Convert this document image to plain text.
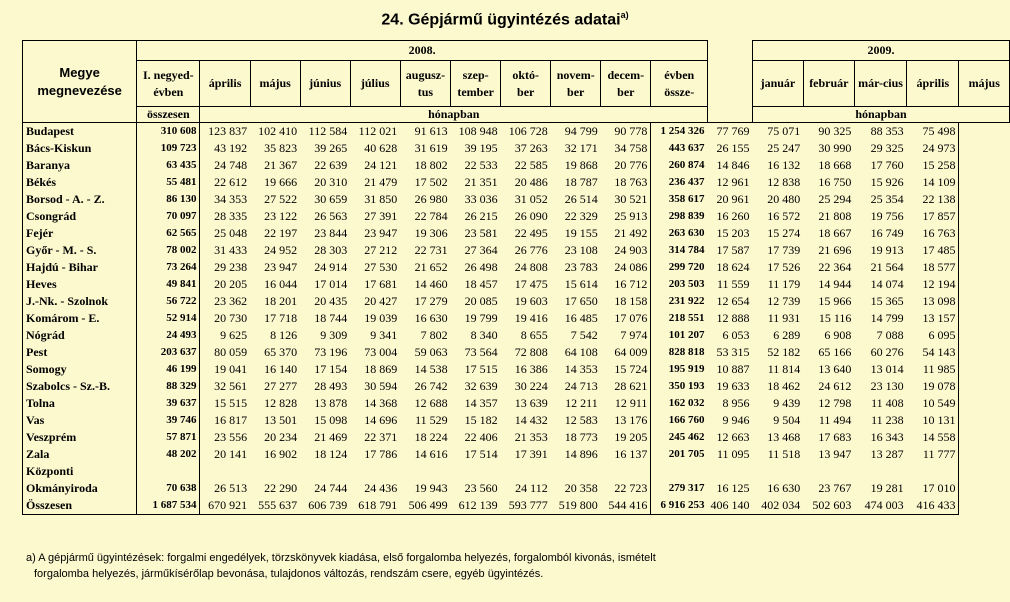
24. Gépjármű ügyintézés adatai$^{a)}$
Megye megnevezése	2008.												2009.				
	I. negyed-évben	április	május	június	július	augusz-tus	szep-tember	októ-ber	novem-ber	decem-ber	évben össze-		január	február	már-cius	április	május
	összesen	hónapban											hónapban				
Budapest	310 608	123 837	102 410	112 584	112 021	91 613	108 948	106 728	94 799	90 778	1 254 326	77 769	75 071	90 325	88 353	75 498	
Bács-Kiskun	109 723	43 192	35 823	39 265	40 628	31 619	39 195	37 263	32 171	34 758	443 637	26 155	25 247	30 990	29 325	24 973	
Baranya	63 435	24 748	21 367	22 639	24 121	18 802	22 533	22 585	19 868	20 776	260 874	14 846	16 132	18 668	17 760	15 258	
Békés	55 481	22 612	19 666	20 310	21 479	17 502	21 351	20 486	18 787	18 763	236 437	12 961	12 838	16 750	15 926	14 109	
Borsod - A. - Z.	86 130	34 353	27 522	30 659	31 850	26 980	33 036	31 052	26 514	30 521	358 617	20 961	20 480	25 294	25 354	22 138	
Csongrád	70 097	28 335	23 122	26 563	27 391	22 784	26 215	26 090	22 329	25 913	298 839	16 260	16 572	21 808	19 756	17 857	
Fejér	62 565	25 048	22 197	23 844	23 947	19 306	23 581	22 495	19 155	21 492	263 630	15 203	15 274	18 667	16 749	16 763	
Győr - M. - S.	78 002	31 433	24 952	28 303	27 212	22 731	27 364	26 776	23 108	24 903	314 784	17 587	17 739	21 696	19 913	17 485	
Hajdú - Bihar	73 264	29 238	23 947	24 914	27 530	21 652	26 498	24 808	23 783	24 086	299 720	18 624	17 526	22 364	21 564	18 577	
Heves	49 841	20 205	16 044	17 014	17 681	14 460	18 457	17 475	15 614	16 712	203 503	11 559	11 179	14 944	14 074	12 194	
J.-Nk. - Szolnok	56 722	23 362	18 201	20 435	20 427	17 279	20 085	19 603	17 650	18 158	231 922	12 654	12 739	15 966	15 365	13 098	
Komárom - E.	52 914	20 730	17 718	18 744	19 039	16 630	19 799	19 416	16 485	17 076	218 551	12 888	11 931	15 116	14 799	13 157	
Nógrád	24 493	9 625	8 126	9 309	9 341	7 802	8 340	8 655	7 542	7 974	101 207	6 053	6 289	6 908	7 088	6 095	
Pest	203 637	80 059	65 370	73 196	73 004	59 063	73 564	72 808	64 108	64 009	828 818	53 315	52 182	65 166	60 276	54 143	
Somogy	46 199	19 041	16 140	17 154	18 869	14 538	17 515	16 386	14 353	15 724	195 919	10 887	11 814	13 640	13 014	11 985	
Szabolcs - Sz.-B.	88 329	32 561	27 277	28 493	30 594	26 742	32 639	30 224	24 713	28 621	350 193	19 633	18 462	24 612	23 130	19 078	
Tolna	39 637	15 515	12 828	13 878	14 368	12 688	14 357	13 639	12 211	12 911	162 032	8 956	9 439	12 798	11 408	10 549	
Vas	39 746	16 817	13 501	15 098	14 696	11 529	15 182	14 432	12 583	13 176	166 760	9 946	9 504	11 494	11 238	10 131	
Veszprém	57 871	23 556	20 234	21 469	22 371	18 224	22 406	21 353	18 773	19 205	245 462	12 663	13 468	17 683	16 343	14 558	
Zala	48 202	20 141	16 902	18 124	17 786	14 616	17 514	17 391	14 896	16 137	201 705	11 095	11 518	13 947	13 287	11 777	
Központi																	
Okmányiroda	70 638	26 513	22 290	24 744	24 436	19 943	23 560	24 112	20 358	22 723	279 317	16 125	16 630	23 767	19 281	17 010	
Összesen	1 687 534	670 921	555 637	606 739	618 791	506 499	612 139	593 777	519 800	544 416	6 916 253	406 140	402 034	502 603	474 003	416 433	
a) A gépjármű ügyintézések: forgalmi engedélyek, törzskönyvek kiadása, első forgalomba helyezés, forgalomból kivonás, ismételt
forgalomba helyezés, járműkísérőlap bevonása, tulajdonos változás, rendszám csere, egyéb ügyintézés.
